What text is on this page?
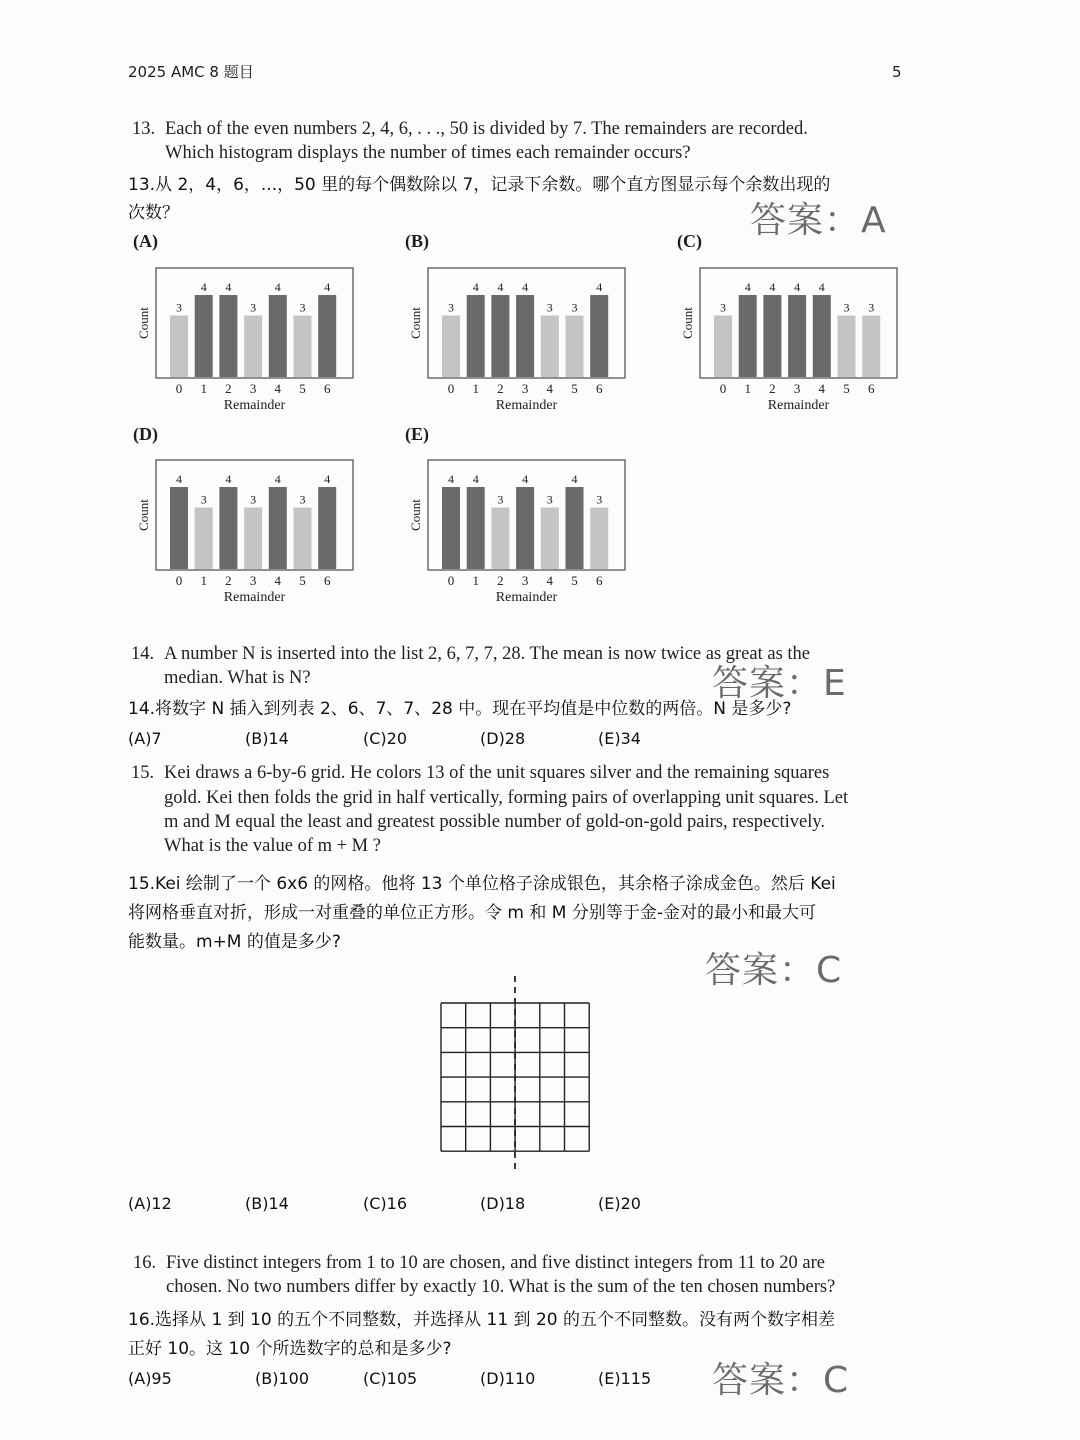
2025 AMC 8 题目	5
13. Each of the even numbers 2, 4, 6, . . ., 50 is divided by 7. The remainders are recorded.
Which histogram displays the number of times each remainder occurs?
13.从 2，4，6，...，50 里的每个偶数除以 7，记录下余数。哪个直方图显示每个余数出现的
次数？	答案：A
(A)	(B)	(C)
(D)	(E)
3
0
4
1
4
2
3
3
4
4
3
5
4
6
Remainder
Count	3
0
4
1
4
2
4
3
3
4
3
5
4
6
Remainder
Count	3
0
4
1
4
2
4
3
4
4
3
5
3
6
Remainder
Count
4
0
3
1
4
2
3
3
4
4
3
5
4
6
Remainder
Count
4
0
4
1
3
2
4
3
3
4
4
5
3
6
Remainder
Count
14. A number N is inserted into the list 2, 6, 7, 7, 28. The mean is now twice as great as the
median. What is N?	答案：E
14.将数字 N 插入到列表 2、6、7、7、28 中。现在平均值是中位数的两倍。N 是多少?
(A)7	(B)14	(C)20	(D)28	(E)34
15. Kei draws a 6-by-6 grid. He colors 13 of the unit squares silver and the remaining squares
gold. Kei then folds the grid in half vertically, forming pairs of overlapping unit squares. Let
m and M equal the least and greatest possible number of gold-on-gold pairs, respectively.
What is the value of m + M ?
15.Kei 绘制了一个 6x6 的网格。他将 13 个单位格子涂成银色，其余格子涂成金色。然后 Kei
将网格垂直对折，形成一对重叠的单位正方形。令 m 和 M 分别等于金-金对的最小和最大可
能数量。m+M 的值是多少?
答案：C
(A)12	(B)14	(C)16	(D)18	(E)20
16. Five distinct integers from 1 to 10 are chosen, and five distinct integers from 11 to 20 are
chosen. No two numbers differ by exactly 10. What is the sum of the ten chosen numbers?
16.选择从 1 到 10 的五个不同整数，并选择从 11 到 20 的五个不同整数。没有两个数字相差
正好 10。这 10 个所选数字的总和是多少?
(A)95	(B)100	(C)105	(D)110	(E)115 答案：C
